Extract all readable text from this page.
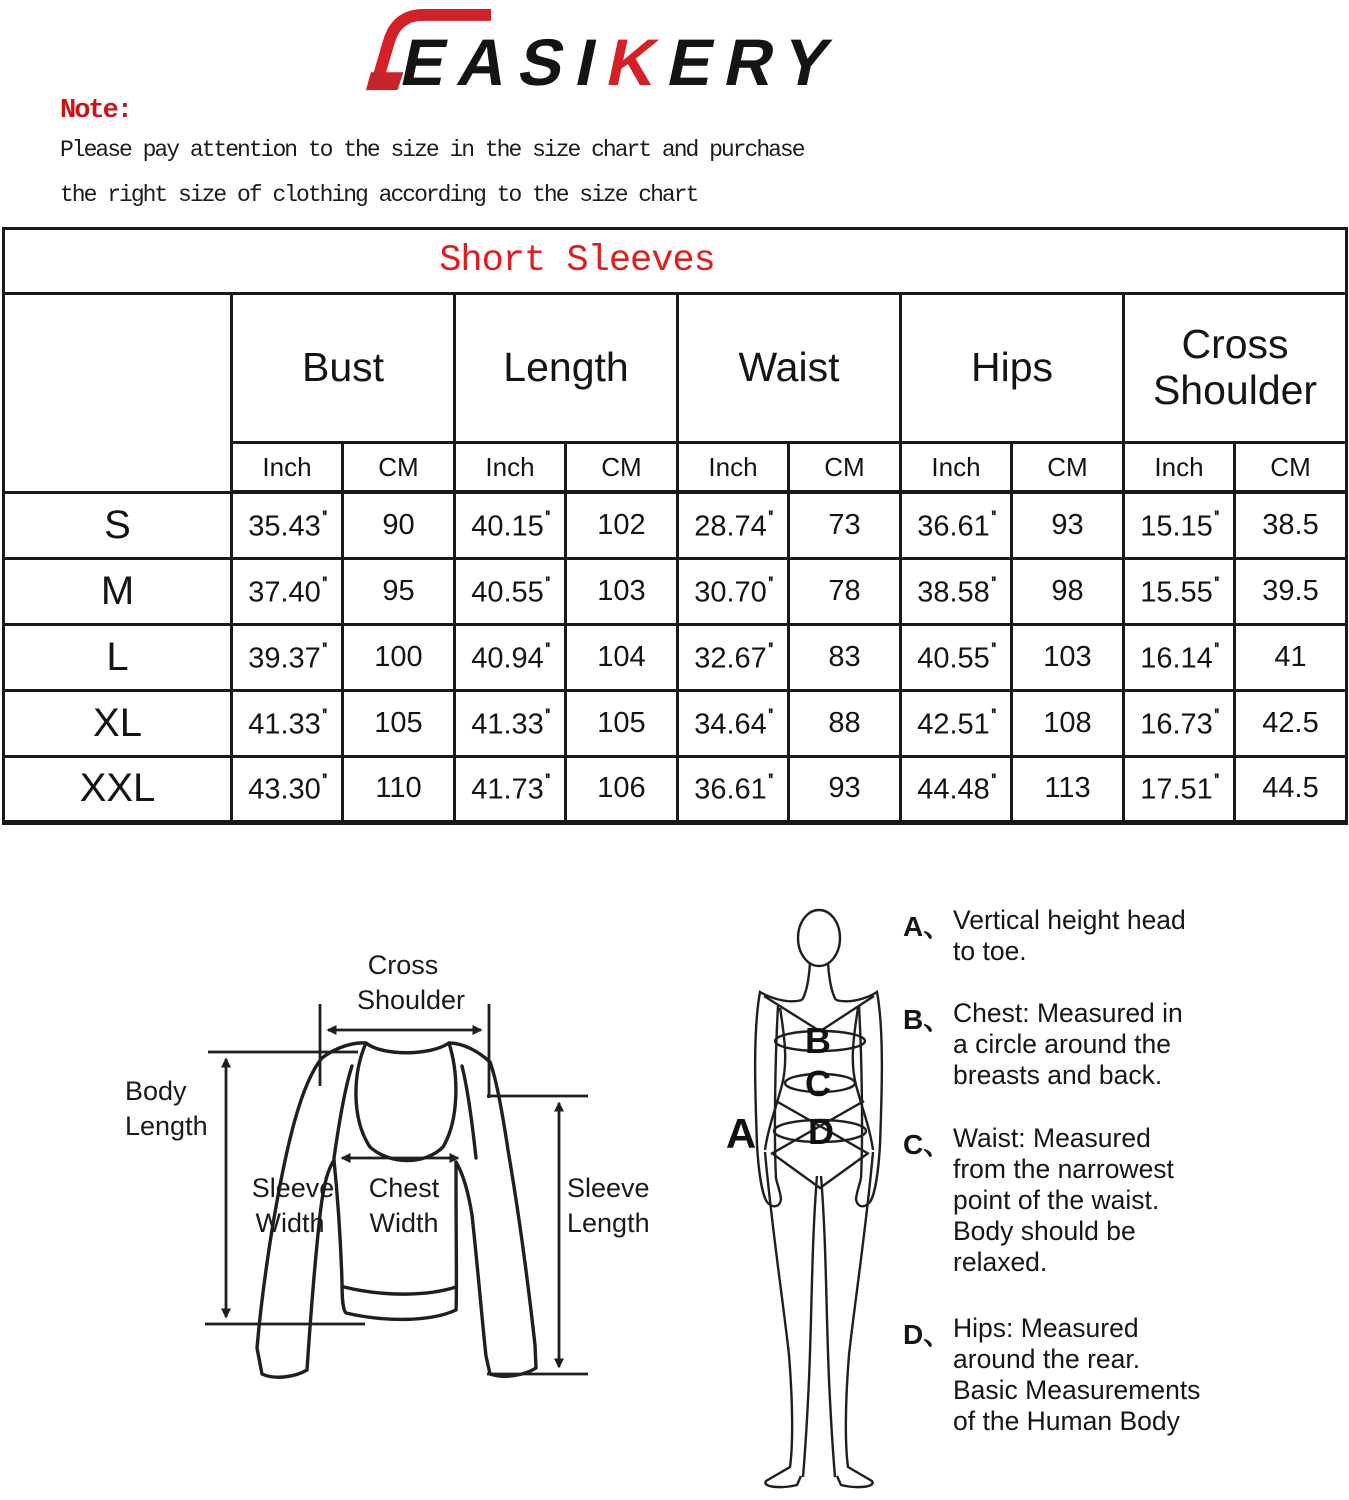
EASIKERY
Note:
Please pay attention to the size in the size chart and purchase
the right size of clothing according to the size chart
Short Sleeves										
	Bust		Length		Waist		Hips		Cross Shoulder	
	Inch	CM	Inch	CM	Inch	CM	Inch	CM	Inch	CM
S	35.43''	90	40.15''	102	28.74''	73	36.61''	93	15.15''	38.5
M	37.40''	95	40.55''	103	30.70''	78	38.58''	98	15.55''	39.5
L	39.37''	100	40.94''	104	32.67''	83	40.55''	103	16.14''	41
XL	41.33''	105	41.33''	105	34.64''	88	42.51''	108	16.73''	42.5
XXL	43.30''	110	41.73''	106	36.61''	93	44.48''	113	17.51''	44.5
Cross
Shoulder
Body
Length
Sleeve
Width
Chest
Width
Sleeve
Length
A
B
C
D
A、 Vertical height head
to toe.
B、 Chest: Measured in
a circle around the
breasts and back.
C、 Waist: Measured
from the narrowest
point of the waist.
Body should be
relaxed.
D、 Hips: Measured
around the rear.
Basic Measurements
of the Human Body
